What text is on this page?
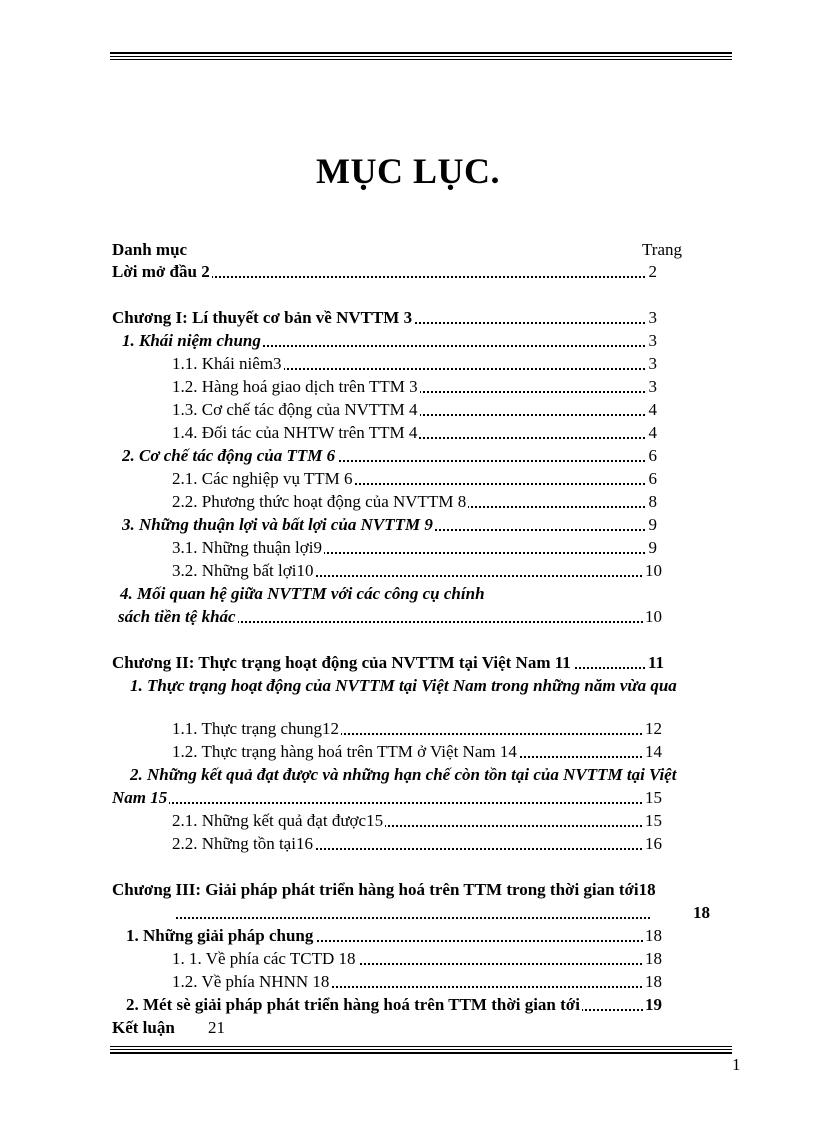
MỤC LỤC.
Danh mục	Trang
Lời mở đầu 2	2
Chương I: Lí thuyết cơ bản về NVTTM 3	3
1. Khái niệm chung	3
1.1. Khái niêm3	3
1.2. Hàng hoá giao dịch trên TTM 3	3
1.3. Cơ chế tác động của NVTTM 4	4
1.4. Đối tác của NHTW trên TTM 4	4
2. Cơ chế tác động của TTM 6	6
2.1. Các nghiệp vụ TTM 6	6
2.2. Phương thức hoạt động của NVTTM 8	8
3. Những thuận lợi và bất lợi của NVTTM 9	9
3.1. Những thuận lợi9	9
3.2. Những bất lợi10	10
4. Mối quan hệ giữa NVTTM với các công cụ chính
sách tiền tệ khác	10
Chương II: Thực trạng hoạt động của NVTTM tại Việt Nam 11	11
1. Thực trạng hoạt động của NVTTM tại Việt Nam trong những năm vừa qua
1.1. Thực trạng chung12	12
1.2. Thực trạng hàng hoá trên TTM ở Việt Nam 14	14
2. Những kết quả đạt được và những hạn chế còn tồn tại của NVTTM tại Việt
Nam 15	15
2.1. Những kết quả đạt được15	15
2.2. Những tồn tại16	16
Chương III: Giải pháp phát triển hàng hoá trên TTM trong thời gian tới18
18
1. Những giải pháp chung	18
1. 1. Về phía các TCTD 18	18
1.2. Về phía NHNN 18	18
2. Mét sè giải pháp phát triển hàng hoá trên TTM thời gian tới	19
Kết luận 21
1
